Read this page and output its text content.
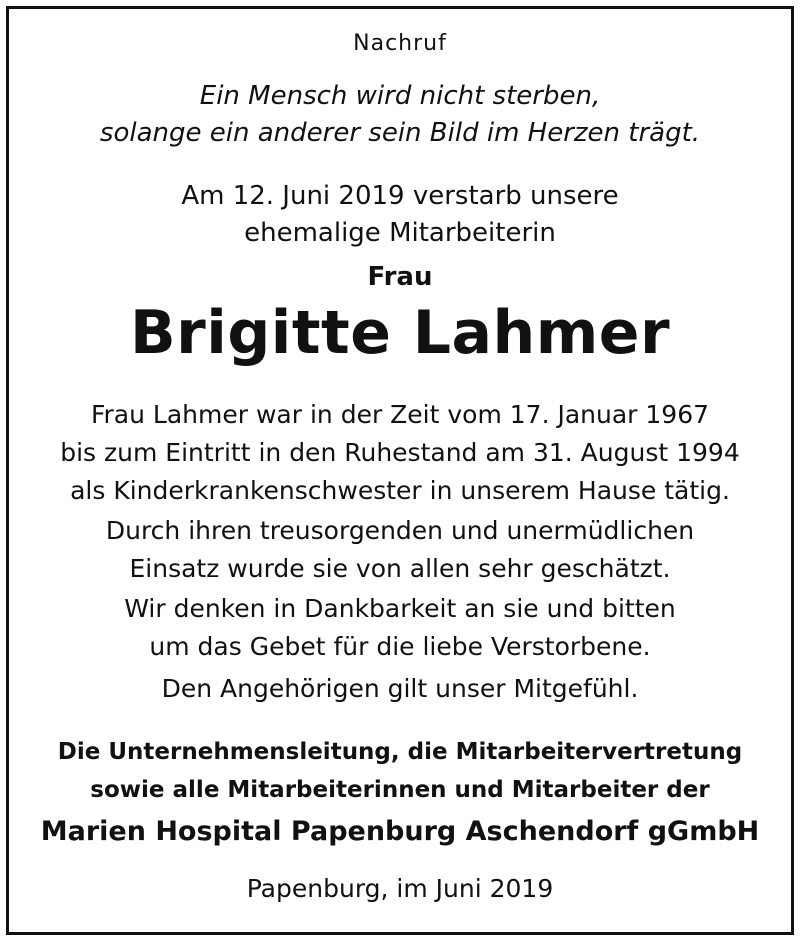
Nachruf
Ein Mensch wird nicht sterben,
solange ein anderer sein Bild im Herzen trägt.
Am 12. Juni 2019 verstarb unsere
ehemalige Mitarbeiterin
Frau
Brigitte Lahmer
Frau Lahmer war in der Zeit vom 17. Januar 1967
bis zum Eintritt in den Ruhestand am 31. August 1994
als Kinderkrankenschwester in unserem Hause tätig.
Durch ihren treusorgenden und unermüdlichen
Einsatz wurde sie von allen sehr geschätzt.
Wir denken in Dankbarkeit an sie und bitten
um das Gebet für die liebe Verstorbene.
Den Angehörigen gilt unser Mitgefühl.
Die Unternehmensleitung, die Mitarbeitervertretung
sowie alle Mitarbeiterinnen und Mitarbeiter der
Marien Hospital Papenburg Aschendorf gGmbH
Papenburg, im Juni 2019
